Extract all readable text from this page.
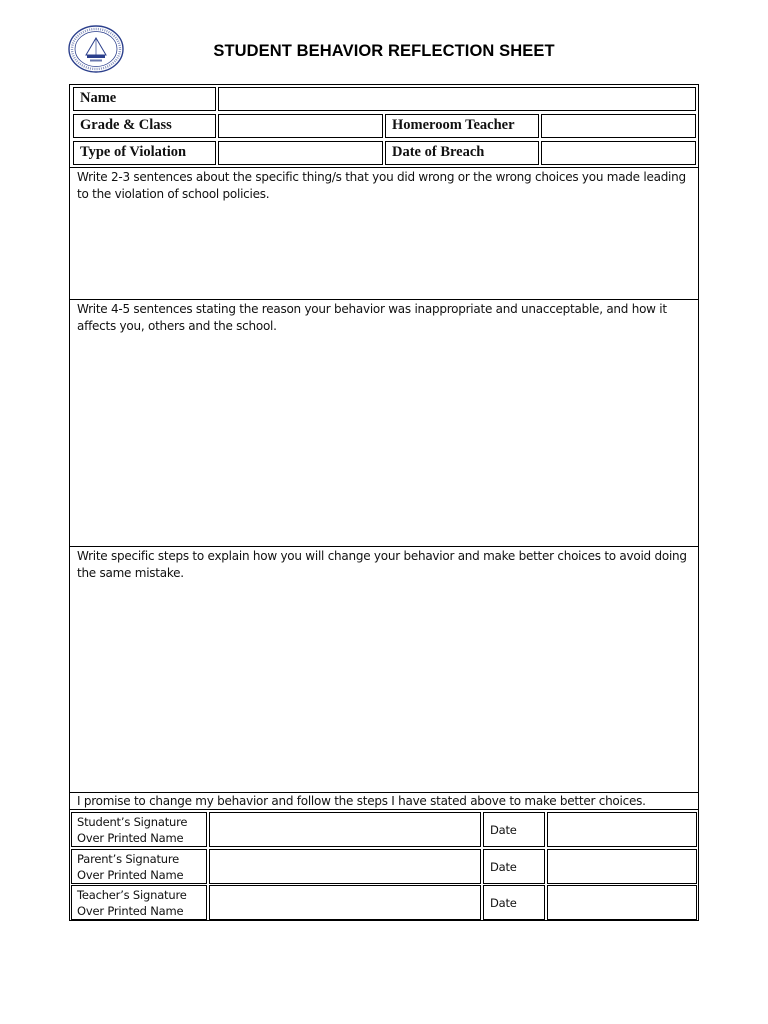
STUDENT BEHAVIOR REFLECTION SHEET
Name
Grade & Class	Homeroom Teacher
Type of Violation	Date of Breach
Write 2-3 sentences about the specific thing/s that you did wrong or the wrong choices you made leading to the violation of school policies.
Write 4-5 sentences stating the reason your behavior was inappropriate and unacceptable, and how it affects you, others and the school.
Write specific steps to explain how you will change your behavior and make better choices to avoid doing the same mistake.
I promise to change my behavior and follow the steps I have stated above to make better choices.
Student’s Signature
Over Printed Name
Date
Parent’s Signature
Over Printed Name
Date
Teacher’s Signature
Over Printed Name
Date
